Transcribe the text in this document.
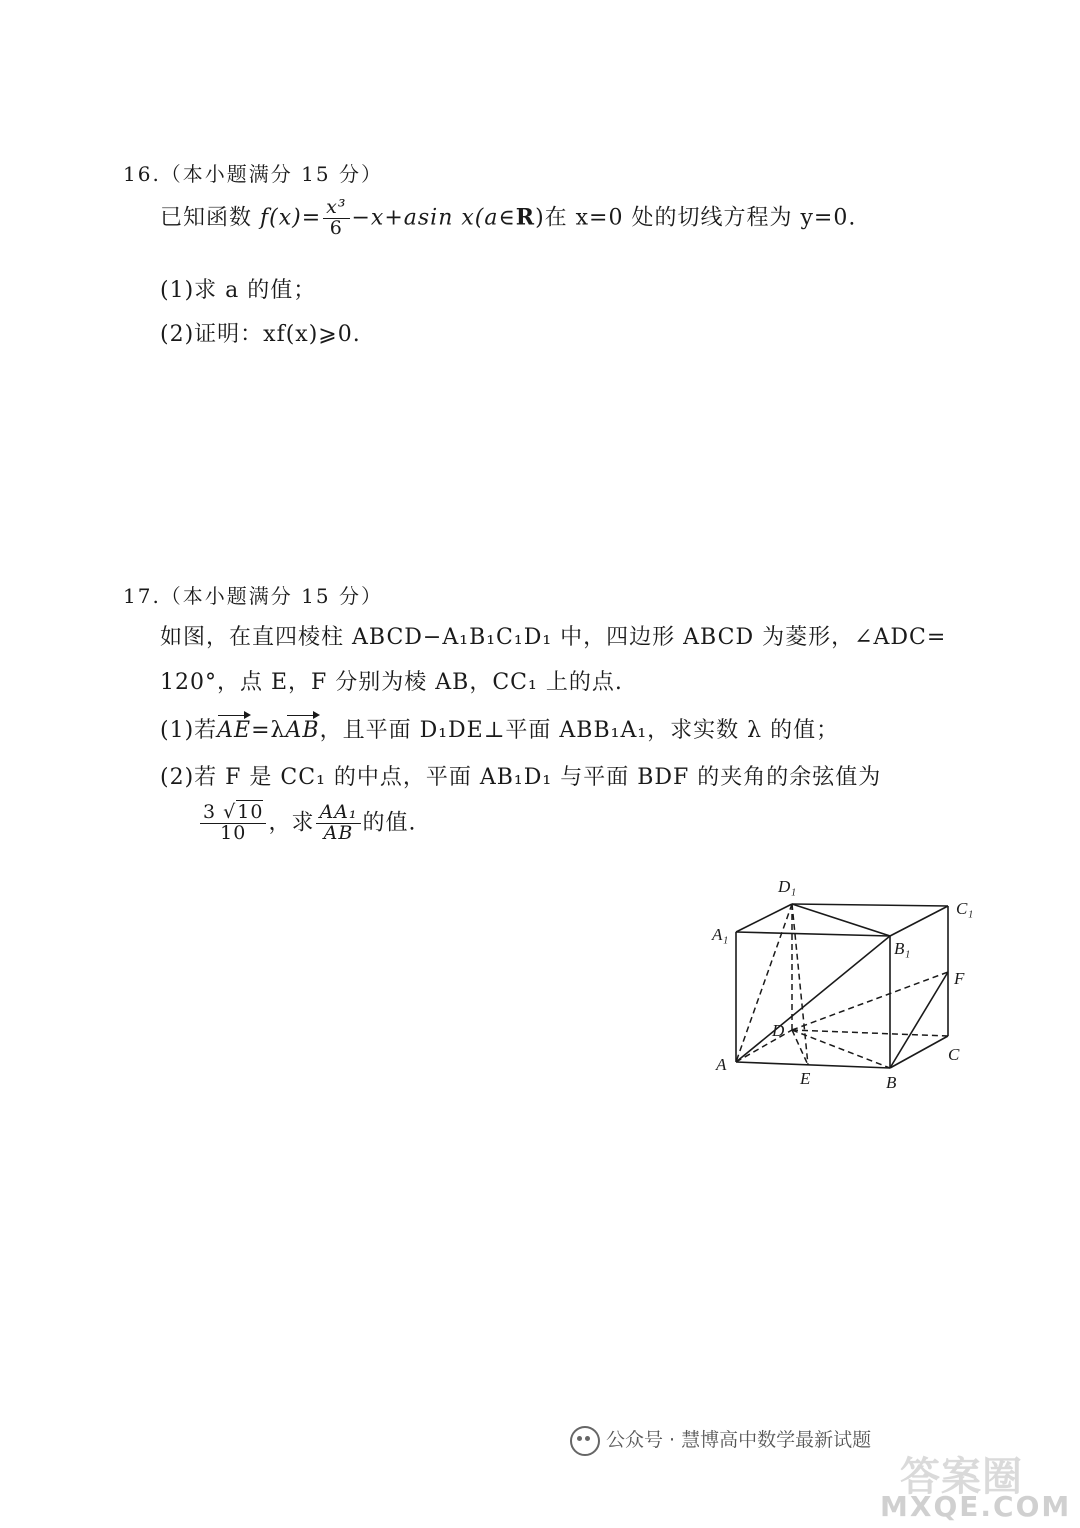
16.（本小题满分 15 分）
已知函数 $f(x)= \frac{\text{x³}}{6} -x+asin$ x(a∈R)在 x=0 处的切线方程为 y=0.
(1)求 a 的值；
(2)证明：xf(x)⩾0.
17.（本小题满分 15 分）
如图，在直四棱柱 ABCD−A₁B₁C₁D₁ 中，四边形 ABCD 为菱形，∠ADC=
120°，点 E，F 分别为棱 AB，CC₁ 上的点.
(1)若AE=λAB，且平面 D₁DE⊥平面 ABB₁A₁，求实数 λ 的值；
(2)若 F 是 CC₁ 的中点，平面 AB₁D₁ 与平面 BDF 的夹角的余弦值为
$\frac{3 √10}{10}$ ，求 $\frac{\text{AA₁}}{AB}$ 的值.
D₁
C₁
A₁
B₁
F
D
A
E	B
C
公众号 · 慧博高中数学最新试题
答案圈
MXQE.COM
